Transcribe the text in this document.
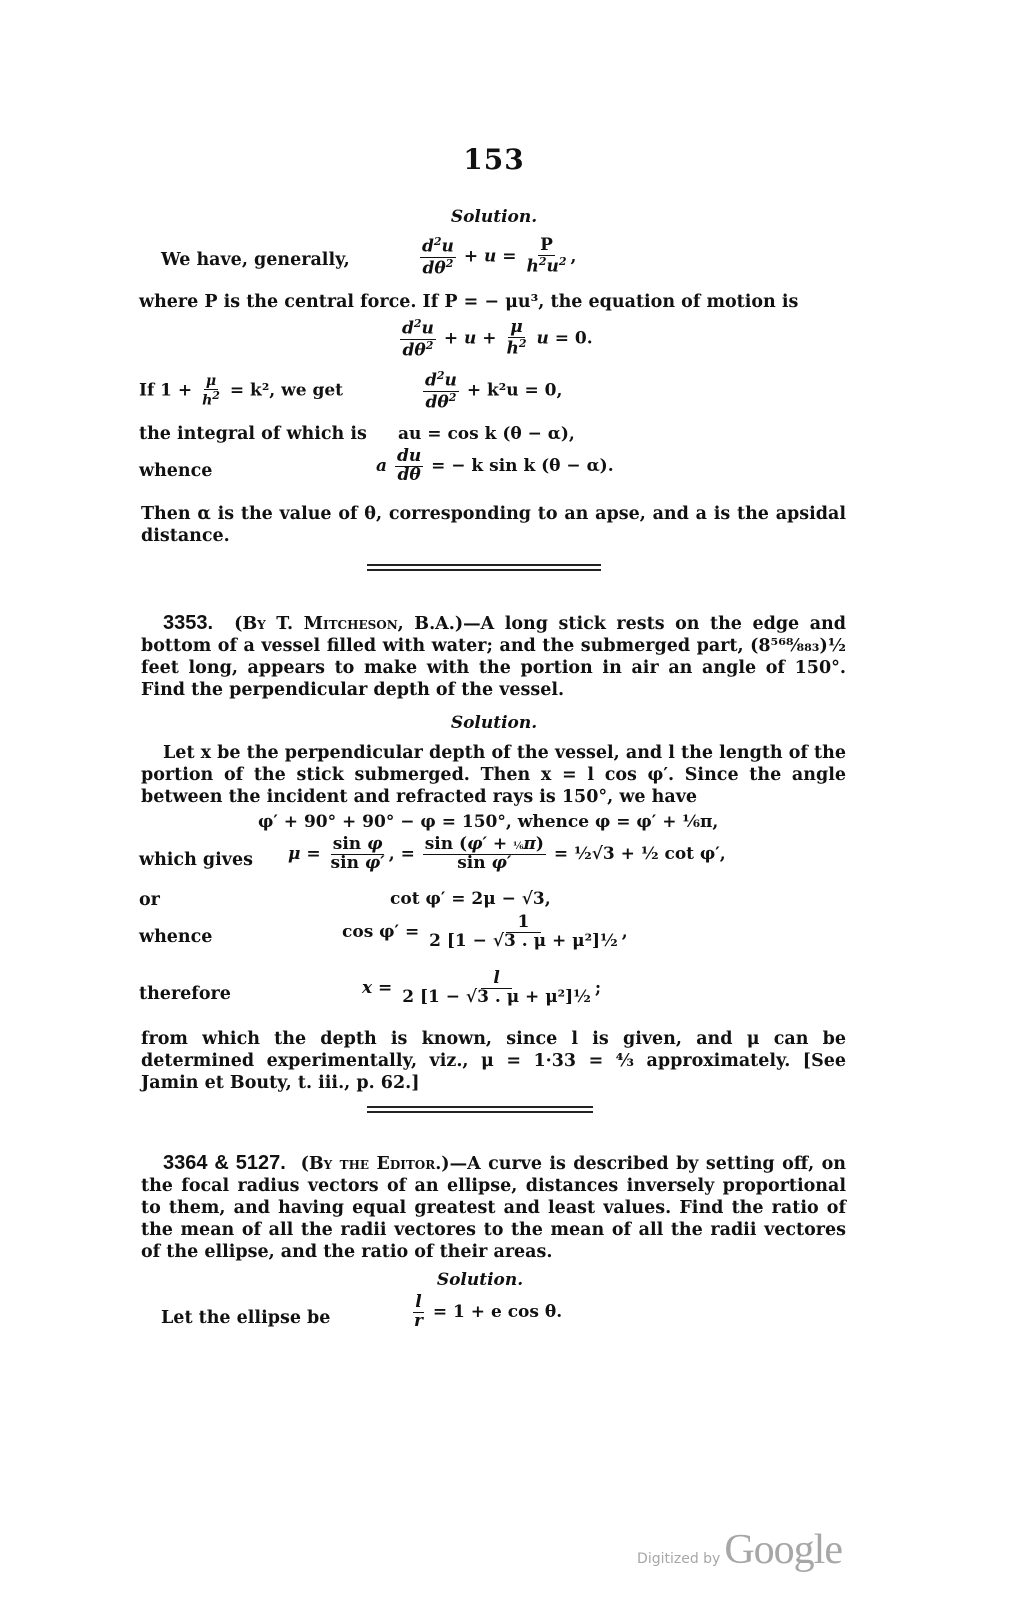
153
Solution.
We have, generally,	$\frac{d^2u}{d\theta^2} + u = \frac{P}{h^2u^2}$ ,
where P is the central force. If P = − μu³, the equation of motion is
$\frac{d^2u}{d\theta^2} + u + \frac{\mu}{h^2}$ u = 0.
If $1 + \frac{\mu}{h^2} = k^2$, we get	$\frac{d^2u}{d\theta^2} + k^2u = 0$,
the integral of which is au = cos k (θ − α),
whence	a $\frac{du}{d\theta}$ = − k sin k (θ − α).
Then α is the value of θ, corresponding to an apse, and a is the apsidal distance.
3353. (By T. Mitcheson, B.A.)—A long stick rests on the edge and bottom of a vessel filled with water; and the submerged part, (8⁵⁶⁸⁄₈₈₃)½ feet long, appears to make with the portion in air an angle of 150°. Find the perpendicular depth of the vessel.
Solution.
Let x be the perpendicular depth of the vessel, and l the length of the portion of the stick submerged. Then x = l cos φ′. Since the angle between the incident and refracted rays is 150°, we have
φ′ + 90° + 90° − φ = 150°, whence φ = φ′ + ⅙π,
which gives $\mu = \frac{\text{sin φ}}{\text{sin φ′}}$ , = $\frac{\text{sin (φ′ + ⅙π)}}{\text{sin φ′}}$ = ½√3 + ½ cot φ′,
or	cot φ′ = 2μ − √3,
whence	$\cos \varphi' = \frac{1}{\text{2 [1 − √3 . μ + μ²]½}}$ ,
therefore	$x = \frac{l}{\text{2 [1 − √3 . μ + μ²]½}}$ ;
from which the depth is known, since l is given, and μ can be determined experimentally, viz., μ = 1·33 = ⁴⁄₃ approximately. [See Jamin et Bouty, t. iii., p. 62.]
3364 & 5127. (By the Editor.)—A curve is described by setting off, on the focal radius vectors of an ellipse, distances inversely proportional to them, and having equal greatest and least values. Find the ratio of the mean of all the radii vectores to the mean of all the radii vectores of the ellipse, and the ratio of their areas.
Solution.
Let the ellipse be	$\frac{l}{r} = 1 + e$ cos θ.
Digitized by Google
